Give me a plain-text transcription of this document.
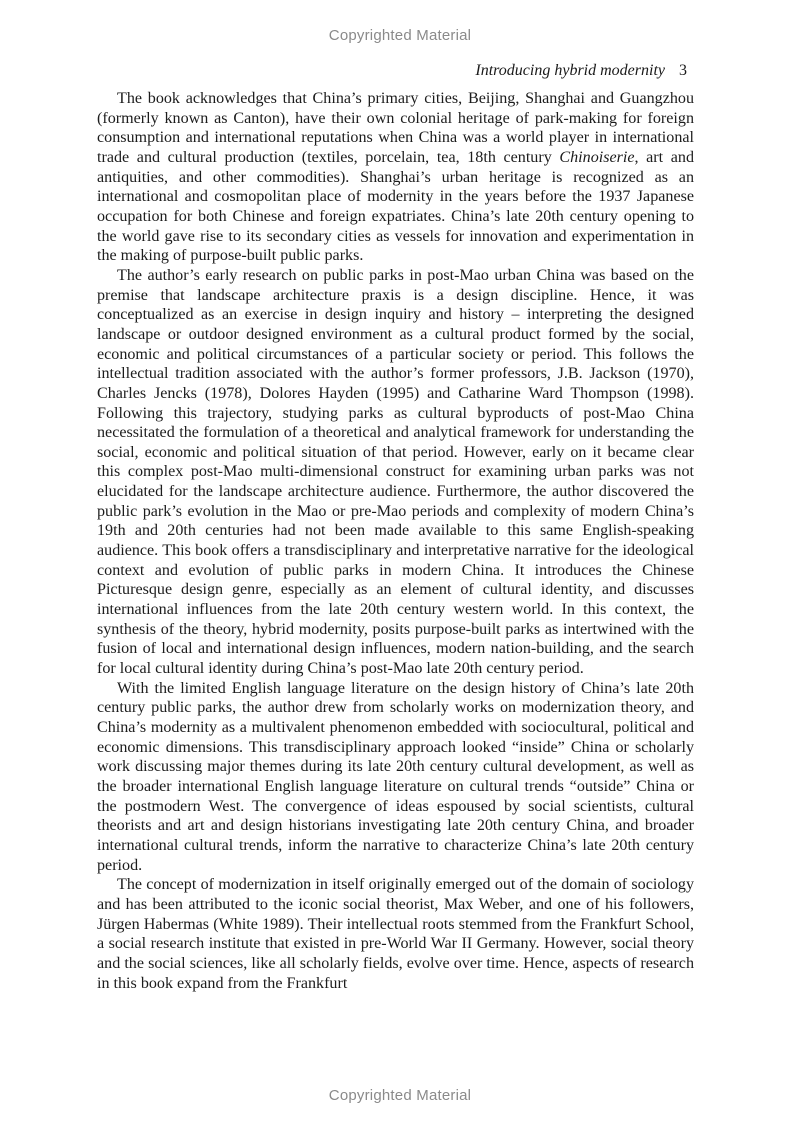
Copyrighted Material
Introducing hybrid modernity 3

The book acknowledges that China’s primary cities, Beijing, Shanghai and Guangzhou (formerly known as Canton), have their own colonial heritage of park-making for foreign consumption and international reputations when China was a world player in international trade and cultural production (textiles, porcelain, tea, 18th century Chinoiserie, art and antiquities, and other commodities). Shanghai’s urban heritage is recognized as an international and cosmopolitan place of modernity in the years before the 1937 Japanese occupation for both Chinese and foreign expatriates. China’s late 20th century opening to the world gave rise to its secondary cities as vessels for innovation and experimentation in the making of purpose-built public parks.

The author’s early research on public parks in post-Mao urban China was based on the premise that landscape architecture praxis is a design discipline. Hence, it was conceptualized as an exercise in design inquiry and history – interpreting the designed landscape or outdoor designed environment as a cultural product formed by the social, economic and political circumstances of a particular society or period. This follows the intellectual tradition associated with the author’s former professors, J.B. Jackson (1970), Charles Jencks (1978), Dolores Hayden (1995) and Catharine Ward Thompson (1998). Following this trajectory, studying parks as cultural byproducts of post-Mao China necessitated the formulation of a theoretical and analytical framework for understanding the social, economic and political situation of that period. However, early on it became clear this complex post-Mao multi-dimensional construct for examining urban parks was not elucidated for the landscape architecture audience. Furthermore, the author discovered the public park’s evolution in the Mao or pre-Mao periods and complexity of modern China’s 19th and 20th centuries had not been made available to this same English-speaking audience. This book offers a transdisciplinary and interpretative narrative for the ideological context and evolution of public parks in modern China. It introduces the Chinese Picturesque design genre, especially as an element of cultural identity, and discusses international influences from the late 20th century western world. In this context, the synthesis of the theory, hybrid modernity, posits purpose-built parks as intertwined with the fusion of local and international design influences, modern nation-building, and the search for local cultural identity during China’s post-Mao late 20th century period.

With the limited English language literature on the design history of China’s late 20th century public parks, the author drew from scholarly works on modernization theory, and China’s modernity as a multivalent phenomenon embedded with sociocultural, political and economic dimensions. This transdisciplinary approach looked “inside” China or scholarly work discussing major themes during its late 20th century cultural development, as well as the broader international English language literature on cultural trends “outside” China or the postmodern West. The convergence of ideas espoused by social scientists, cultural theorists and art and design historians investigating late 20th century China, and broader international cultural trends, inform the narrative to characterize China’s late 20th century period.

The concept of modernization in itself originally emerged out of the domain of sociology and has been attributed to the iconic social theorist, Max Weber, and one of his followers, Jürgen Habermas (White 1989). Their intellectual roots stemmed from the Frankfurt School, a social research institute that existed in pre-World War II Germany. However, social theory and the social sciences, like all scholarly fields, evolve over time. Hence, aspects of research in this book expand from the Frankfurt

Copyrighted Material
